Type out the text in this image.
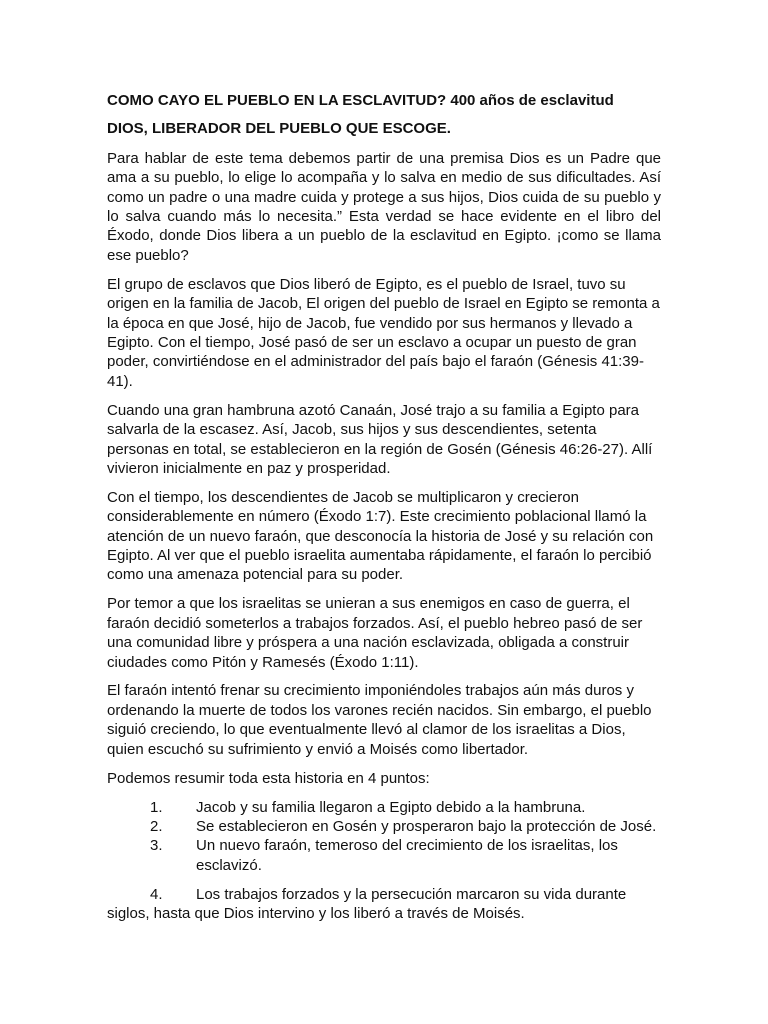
COMO CAYO EL PUEBLO EN LA ESCLAVITUD? 400 años de esclavitud

DIOS, LIBERADOR DEL PUEBLO QUE ESCOGE.

Para hablar de este tema debemos partir de una premisa Dios es un Padre que ama a su pueblo, lo elige lo acompaña y lo salva en medio de sus dificultades. Así como un padre o una madre cuida y protege a sus hijos, Dios cuida de su pueblo y lo salva cuando más lo necesita.” Esta verdad se hace evidente en el libro del Éxodo, donde Dios libera a un pueblo de la esclavitud en Egipto. ¡como se llama ese pueblo?

El grupo de esclavos que Dios liberó de Egipto, es el pueblo de Israel, tuvo su origen en la familia de Jacob, El origen del pueblo de Israel en Egipto se remonta a la época en que José, hijo de Jacob, fue vendido por sus hermanos y llevado a Egipto. Con el tiempo, José pasó de ser un esclavo a ocupar un puesto de gran poder, convirtiéndose en el administrador del país bajo el faraón (Génesis 41:39-41).

Cuando una gran hambruna azotó Canaán, José trajo a su familia a Egipto para salvarla de la escasez. Así, Jacob, sus hijos y sus descendientes, setenta personas en total, se establecieron en la región de Gosén (Génesis 46:26-27). Allí vivieron inicialmente en paz y prosperidad.

Con el tiempo, los descendientes de Jacob se multiplicaron y crecieron considerablemente en número (Éxodo 1:7). Este crecimiento poblacional llamó la atención de un nuevo faraón, que desconocía la historia de José y su relación con Egipto. Al ver que el pueblo israelita aumentaba rápidamente, el faraón lo percibió como una amenaza potencial para su poder.

Por temor a que los israelitas se unieran a sus enemigos en caso de guerra, el faraón decidió someterlos a trabajos forzados. Así, el pueblo hebreo pasó de ser una comunidad libre y próspera a una nación esclavizada, obligada a construir ciudades como Pitón y Ramesés (Éxodo 1:11).

El faraón intentó frenar su crecimiento imponiéndoles trabajos aún más duros y ordenando la muerte de todos los varones recién nacidos. Sin embargo, el pueblo siguió creciendo, lo que eventualmente llevó al clamor de los israelitas a Dios, quien escuchó su sufrimiento y envió a Moisés como libertador.

Podemos resumir toda esta historia en 4 puntos:

1. Jacob y su familia llegaron a Egipto debido a la hambruna.
2. Se establecieron en Gosén y prosperaron bajo la protección de José.
3. Un nuevo faraón, temeroso del crecimiento de los israelitas, los esclavizó.

4. Los trabajos forzados y la persecución marcaron su vida durante siglos, hasta que Dios intervino y los liberó a través de Moisés.
